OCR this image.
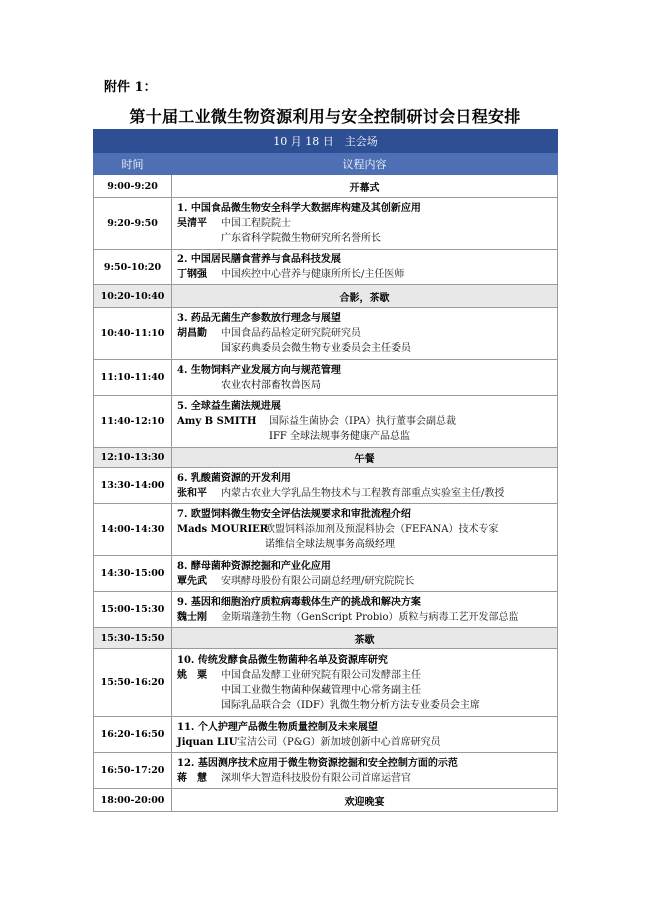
附件 1：
第十届工业微生物资源利用与安全控制研讨会日程安排
10 月 18 日　主会场	
时间	议程内容
9:00-9:20	开幕式
9:20-9:50	1. 中国食品微生物安全科学大数据库构建及其创新应用
吴清平 中国工程院院士
广东省科学院微生物研究所名誉所长

9:50-10:20	2. 中国居民膳食营养与食品科技发展
丁钢强 中国疾控中心营养与健康所所长/主任医师

10:20-10:40	合影，茶歇
10:40-11:10	3. 药品无菌生产参数放行理念与展望
胡昌勤 中国食品药品检定研究院研究员
国家药典委员会微生物专业委员会主任委员

11:10-11:40	4. 生物饲料产业发展方向与规范管理
农业农村部畜牧兽医局

11:40-12:10	5. 全球益生菌法规进展
Amy B SMITH 国际益生菌协会（IPA）执行董事会副总裁
IFF 全球法规事务健康产品总监

12:10-13:30	午餐
13:30-14:00	6. 乳酸菌资源的开发利用
张和平 内蒙古农业大学乳品生物技术与工程教育部重点实验室主任/教授

14:00-14:30	7. 欧盟饲料微生物安全评估法规要求和审批流程介绍
Mads MOURIER
欧盟饲料添加剂及预混料协会（FEFANA）技术专家
诺维信全球法规事务高级经理

14:30-15:00	8. 酵母菌种资源挖掘和产业化应用
覃先武 安琪酵母股份有限公司副总经理/研究院院长

15:00-15:30	9. 基因和细胞治疗质粒病毒载体生产的挑战和解决方案
魏士刚 金斯瑞蓬勃生物（GenScript Probio）质粒与病毒工艺开发部总监

15:30-15:50	茶歇
15:50-16:20	10. 传统发酵食品微生物菌种名单及资源库研究
姚　粟 中国食品发酵工业研究院有限公司发酵部主任
中国工业微生物菌种保藏管理中心常务副主任
国际乳品联合会（IDF）乳微生物分析方法专业委员会主席

16:20-16:50	11. 个人护理产品微生物质量控制及未来展望
Jiquan LIU 宝洁公司（P&G）新加坡创新中心首席研究员

16:50-17:20	12. 基因测序技术应用于微生物资源挖掘和安全控制方面的示范
蒋　慧 深圳华大智造科技股份有限公司首席运营官

18:00-20:00	欢迎晚宴
